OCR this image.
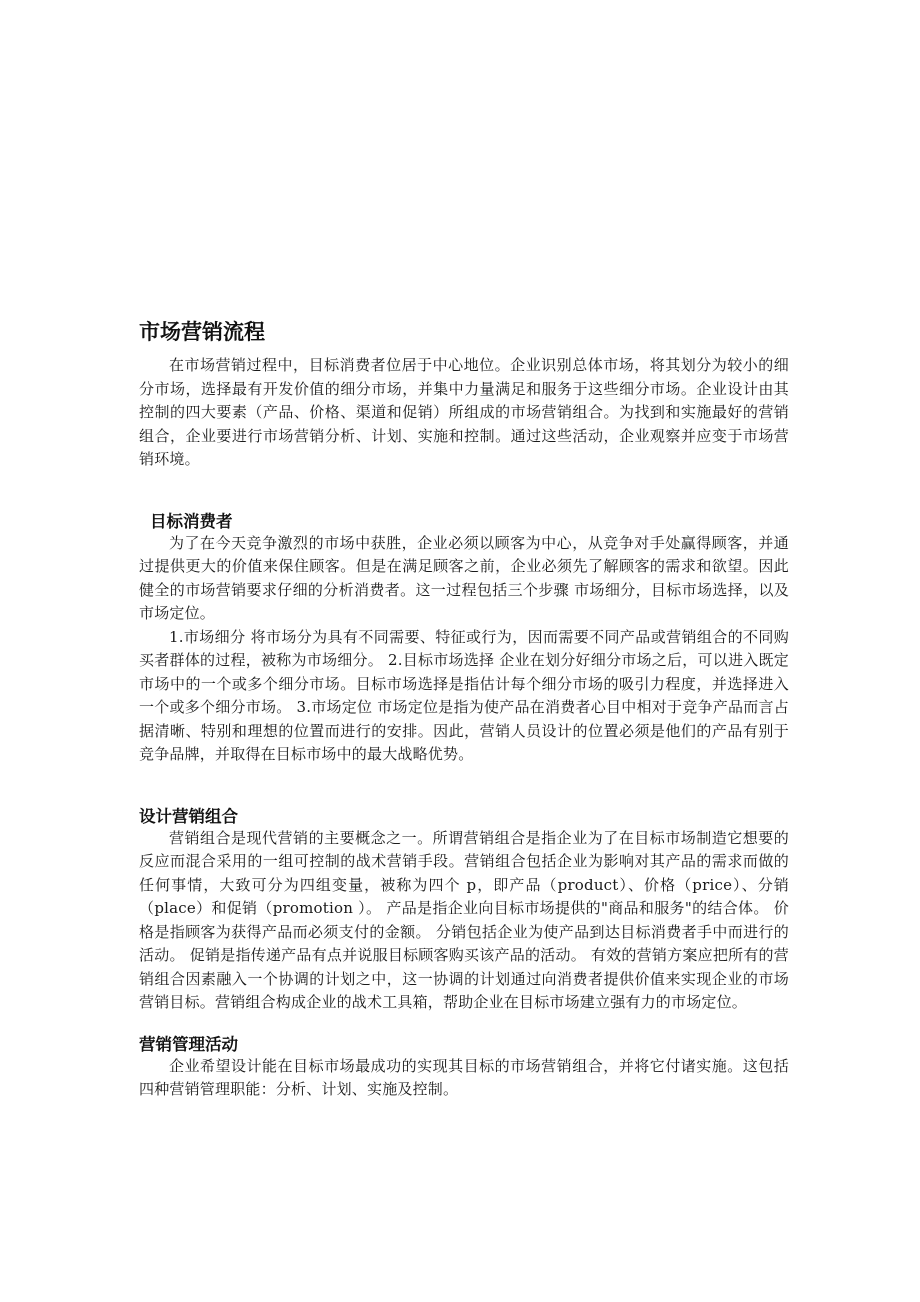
市场营销流程

在市场营销过程中，目标消费者位居于中心地位。企业识别总体市场，将其划分为较小的细分市场，选择最有开发价值的细分市场，并集中力量满足和服务于这些细分市场。企业设计由其控制的四大要素（产品、价格、渠道和促销）所组成的市场营销组合。为找到和实施最好的营销组合，企业要进行市场营销分析、计划、实施和控制。通过这些活动，企业观察并应变于市场营销环境。

目标消费者

为了在今天竞争激烈的市场中获胜，企业必须以顾客为中心，从竞争对手处赢得顾客，并通过提供更大的价值来保住顾客。但是在满足顾客之前，企业必须先了解顾客的需求和欲望。因此健全的市场营销要求仔细的分析消费者。这一过程包括三个步骤 市场细分，目标市场选择，以及市场定位。

1.市场细分 将市场分为具有不同需要、特征或行为，因而需要不同产品或营销组合的不同购买者群体的过程，被称为市场细分。 2.目标市场选择 企业在划分好细分市场之后，可以进入既定市场中的一个或多个细分市场。目标市场选择是指估计每个细分市场的吸引力程度，并选择进入一个或多个细分市场。 3.市场定位 市场定位是指为使产品在消费者心目中相对于竞争产品而言占据清晰、特别和理想的位置而进行的安排。因此，营销人员设计的位置必须是他们的产品有别于竞争品牌，并取得在目标市场中的最大战略优势。

设计营销组合

营销组合是现代营销的主要概念之一。所谓营销组合是指企业为了在目标市场制造它想要的反应而混合采用的一组可控制的战术营销手段。营销组合包括企业为影响对其产品的需求而做的任何事情，大致可分为四组变量，被称为四个 p，即产品（product）、价格（price）、分销（place）和促销（promotion ）。 产品是指企业向目标市场提供的"商品和服务"的结合体。 价格是指顾客为获得产品而必须支付的金额。 分销包括企业为使产品到达目标消费者手中而进行的活动。 促销是指传递产品有点并说服目标顾客购买该产品的活动。 有效的营销方案应把所有的营销组合因素融入一个协调的计划之中，这一协调的计划通过向消费者提供价值来实现企业的市场营销目标。营销组合构成企业的战术工具箱，帮助企业在目标市场建立强有力的市场定位。

营销管理活动

企业希望设计能在目标市场最成功的实现其目标的市场营销组合，并将它付诸实施。这包括四种营销管理职能：分析、计划、实施及控制。
